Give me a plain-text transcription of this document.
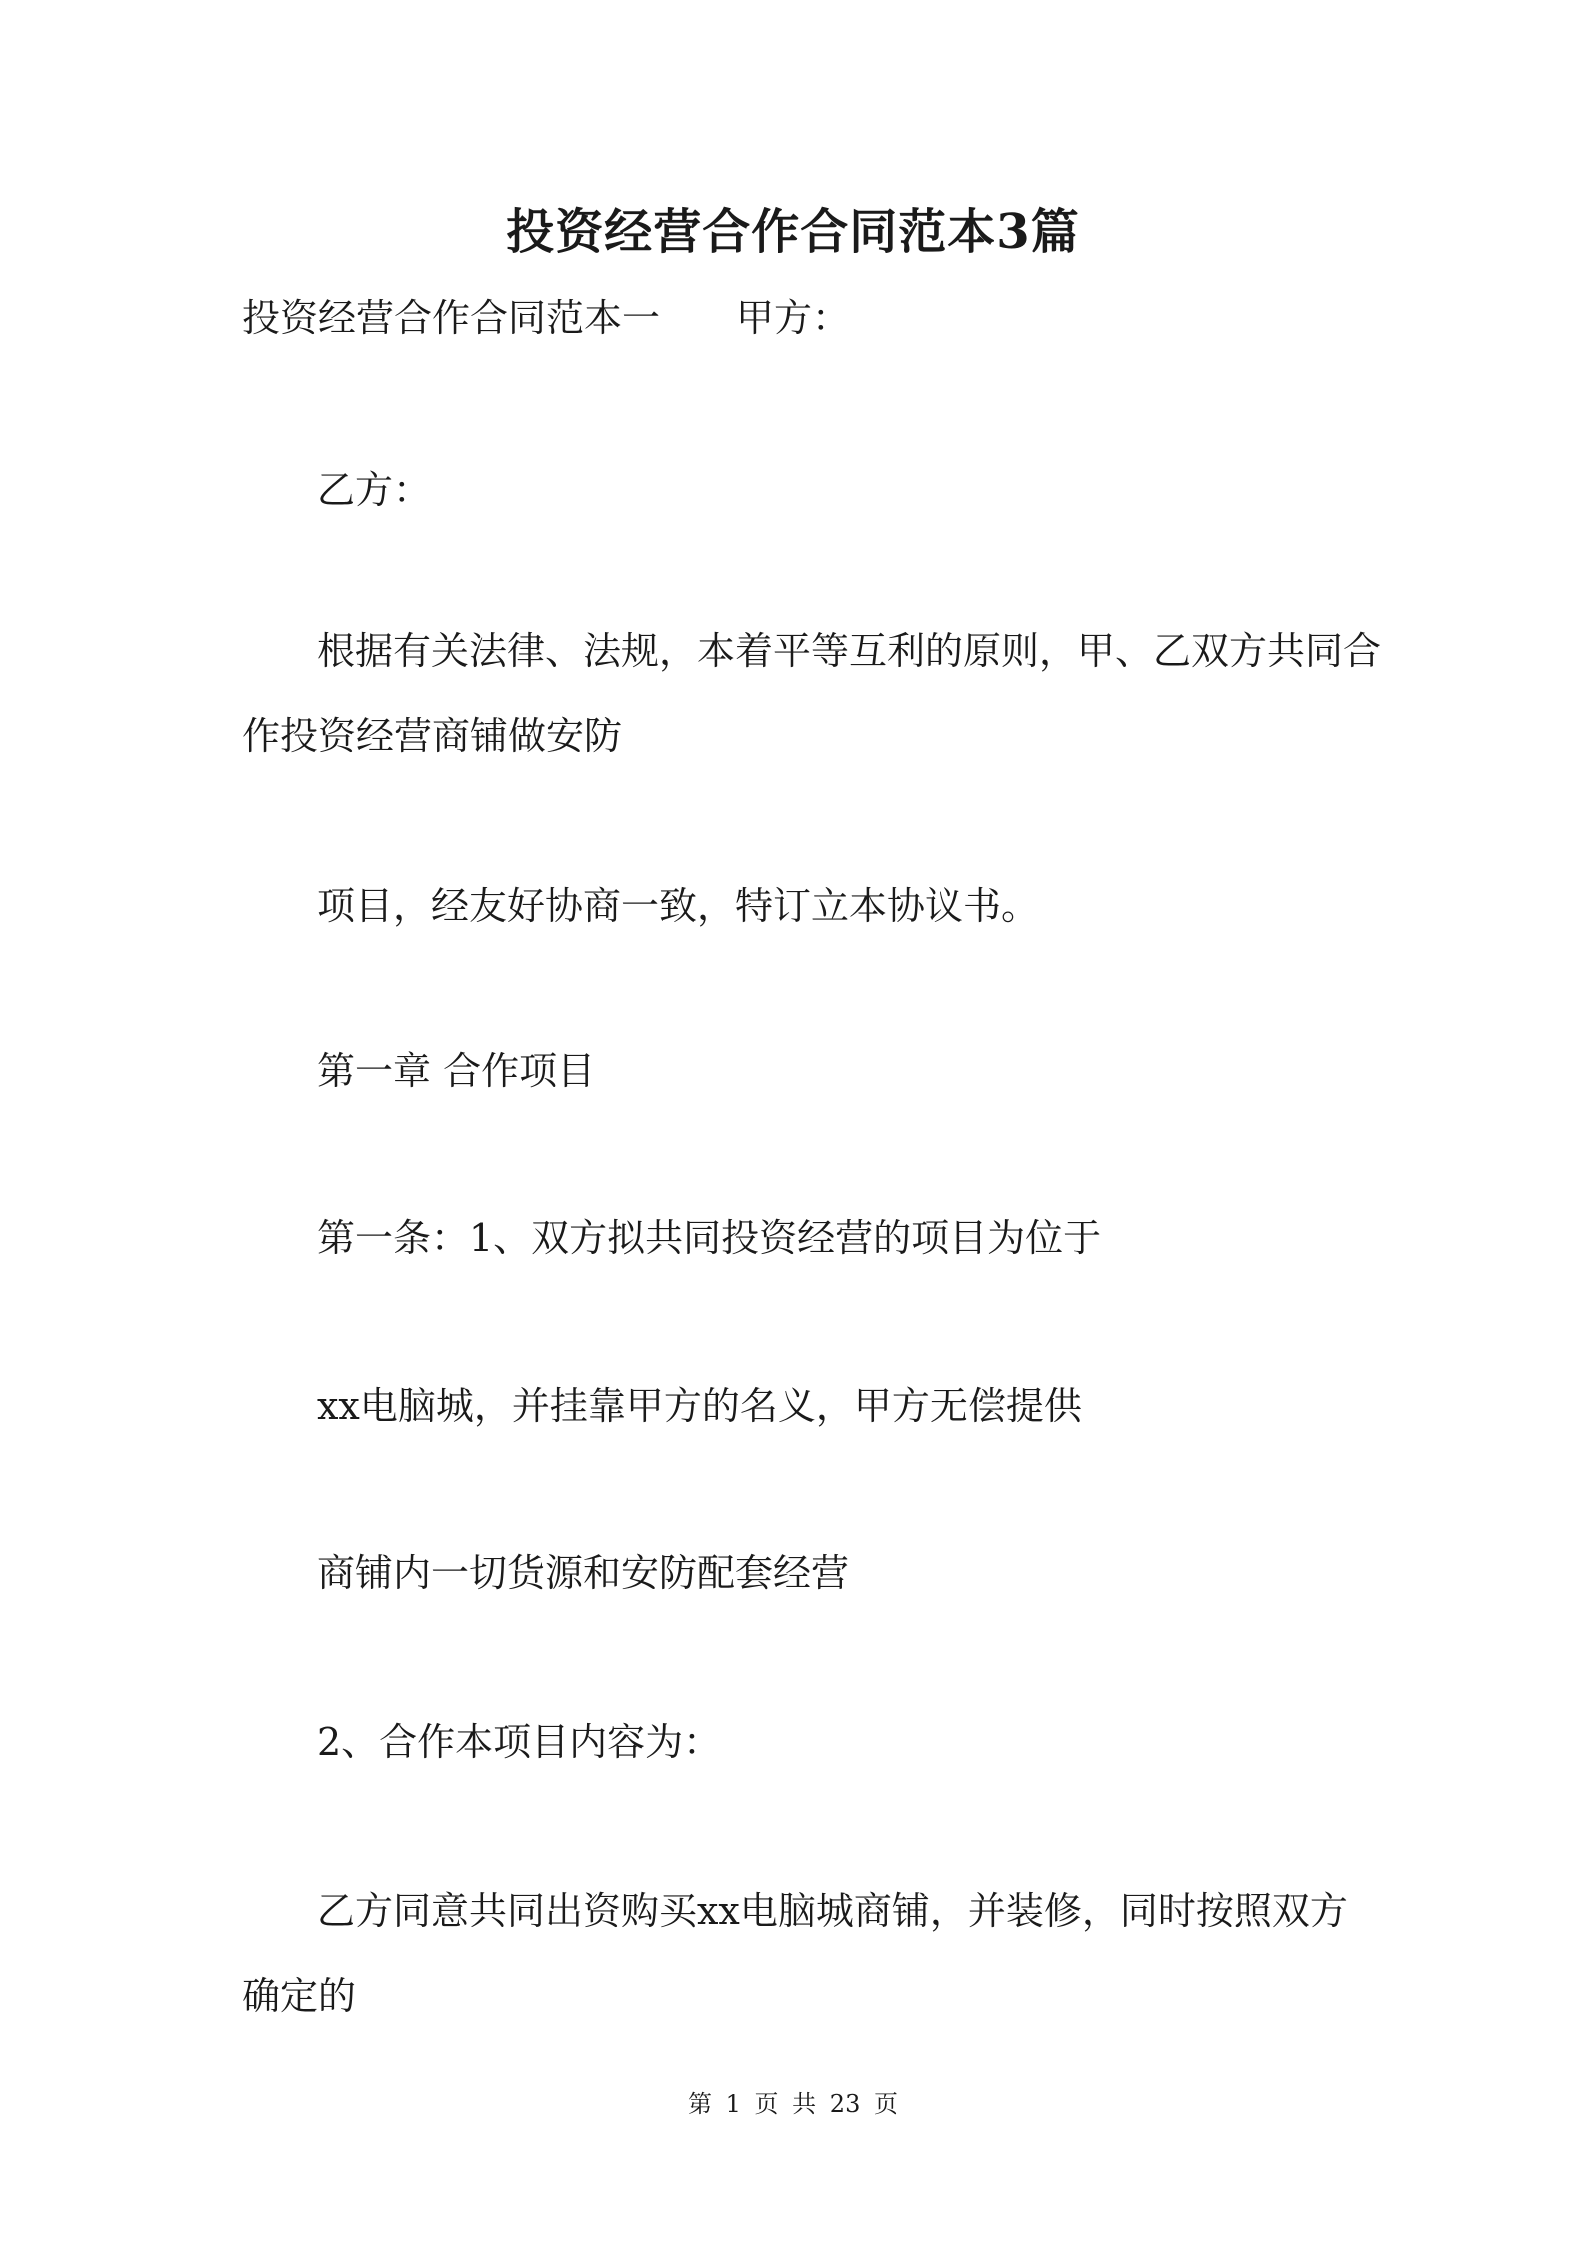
投资经营合作合同范本3篇
投资经营合作合同范本一　　甲方：
乙方：
根据有关法律、法规，本着平等互利的原则，甲、乙双方共同合
作投资经营商铺做安防
项目，经友好协商一致，特订立本协议书。
第一章 合作项目
第一条：1、双方拟共同投资经营的项目为位于
xx电脑城，并挂靠甲方的名义，甲方无偿提供
商铺内一切货源和安防配套经营
2、合作本项目内容为：
乙方同意共同出资购买xx电脑城商铺，并装修，同时按照双方
确定的
第 1 页 共 23 页
